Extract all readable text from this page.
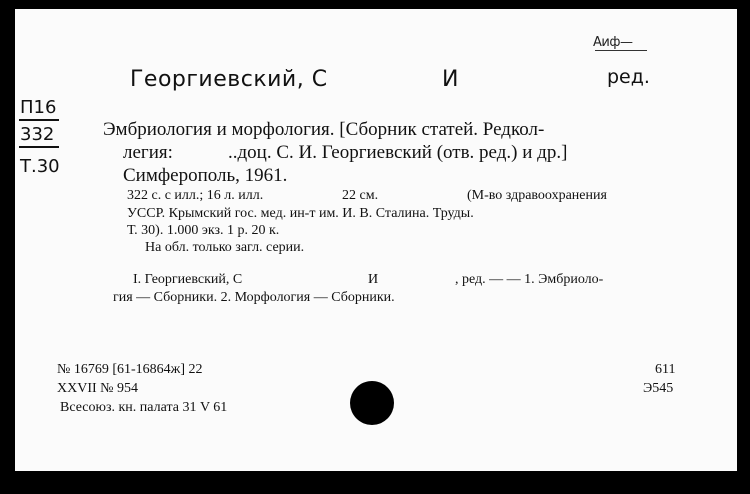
Аиф—
Георгиевский, С	И	ред.
П16
332
Т.30
Эмбриология и морфология. [Сборник статей. Редкол-
легия:	..доц. С. И. Георгиевский (отв. ред.) и др.]
Симферополь, 1961.
322 с. с илл.; 16 л. илл.	22 см.	(М-во здравоохранения
УССР. Крымский гос. мед. ин-т им. И. В. Сталина. Труды.
Т. 30). 1.000 экз. 1 р. 20 к.
На обл. только загл. серии.
I. Георгиевский, С	И	, ред. — — 1. Эмбриоло-
гия — Сборники. 2. Морфология — Сборники.
№ 16769 [61-16864ж] 22
XXVII № 954
Всесоюз. кн. палата 31 V 61
611
Э545
